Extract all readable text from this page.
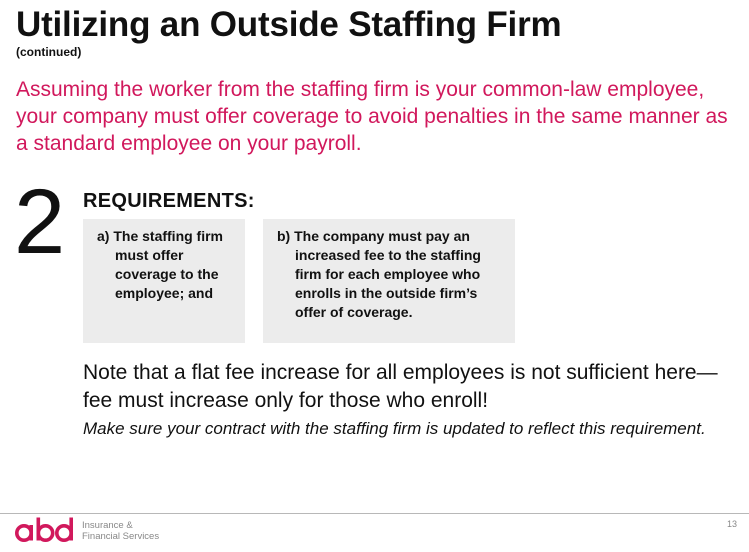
Utilizing an Outside Staffing Firm
(continued)
Assuming the worker from the staffing firm is your common-law employee, your company must offer coverage to avoid penalties in the same manner as a standard employee on your payroll.
2 REQUIREMENTS:
a) The staffing firm must offer coverage to the employee; and
b) The company must pay an increased fee to the staffing firm for each employee who enrolls in the outside firm’s offer of coverage.
Note that a flat fee increase for all employees is not sufficient here—fee must increase only for those who enroll!
Make sure your contract with the staffing firm is updated to reflect this requirement.
Insurance &
Financial Services
13
